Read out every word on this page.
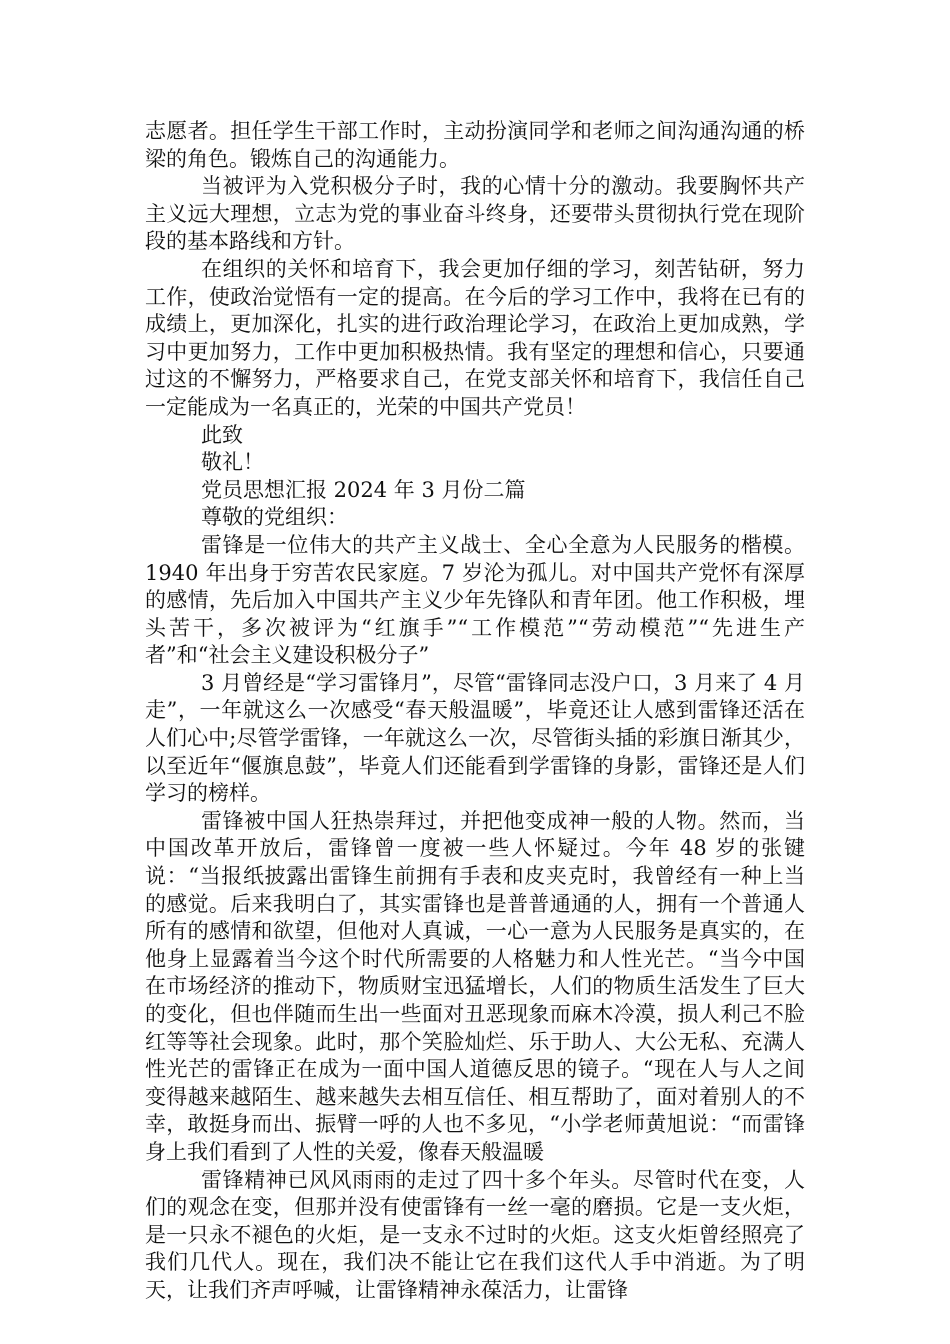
志愿者。担任学生干部工作时，主动扮演同学和老师之间沟通沟通的桥梁的角色。锻炼自己的沟通能力。

当被评为入党积极分子时，我的心情十分的激动。我要胸怀共产主义远大理想，立志为党的事业奋斗终身，还要带头贯彻执行党在现阶段的基本路线和方针。

在组织的关怀和培育下，我会更加仔细的学习，刻苦钻研，努力工作，使政治觉悟有一定的提高。在今后的学习工作中，我将在已有的成绩上，更加深化，扎实的进行政治理论学习，在政治上更加成熟，学习中更加努力，工作中更加积极热情。我有坚定的理想和信心，只要通过这的不懈努力，严格要求自己，在党支部关怀和培育下，我信任自己一定能成为一名真正的，光荣的中国共产党员！

此致

敬礼！

党员思想汇报 2024 年 3 月份二篇

尊敬的党组织：

雷锋是一位伟大的共产主义战士、全心全意为人民服务的楷模。1940 年出身于穷苦农民家庭。7 岁沦为孤儿。对中国共产党怀有深厚的感情，先后加入中国共产主义少年先锋队和青年团。他工作积极，埋头苦干，多次被评为“红旗手”“工作模范”“劳动模范”“先进生产者”和“社会主义建设积极分子”

3 月曾经是“学习雷锋月”，尽管“雷锋同志没户口，3 月来了 4 月走”，一年就这么一次感受“春天般温暖”，毕竟还让人感到雷锋还活在人们心中;尽管学雷锋，一年就这么一次，尽管街头插的彩旗日渐其少，以至近年“偃旗息鼓”，毕竟人们还能看到学雷锋的身影，雷锋还是人们学习的榜样。

雷锋被中国人狂热崇拜过，并把他变成神一般的人物。然而，当中国改革开放后，雷锋曾一度被一些人怀疑过。今年 48 岁的张键说：“当报纸披露出雷锋生前拥有手表和皮夹克时，我曾经有一种上当的感觉。后来我明白了，其实雷锋也是普普通通的人，拥有一个普通人所有的感情和欲望，但他对人真诚，一心一意为人民服务是真实的，在他身上显露着当今这个时代所需要的人格魅力和人性光芒。“当今中国在市场经济的推动下，物质财宝迅猛增长，人们的物质生活发生了巨大的变化，但也伴随而生出一些面对丑恶现象而麻木冷漠，损人利己不脸红等等社会现象。此时，那个笑脸灿烂、乐于助人、大公无私、充满人性光芒的雷锋正在成为一面中国人道德反思的镜子。“现在人与人之间变得越来越陌生、越来越失去相互信任、相互帮助了，面对着别人的不幸，敢挺身而出、振臂一呼的人也不多见，“小学老师黄旭说：“而雷锋身上我们看到了人性的关爱，像春天般温暖

雷锋精神已风风雨雨的走过了四十多个年头。尽管时代在变，人们的观念在变，但那并没有使雷锋有一丝一毫的磨损。它是一支火炬，是一只永不褪色的火炬，是一支永不过时的火炬。这支火炬曾经照亮了我们几代人。现在，我们决不能让它在我们这代人手中消逝。为了明天，让我们齐声呼喊，让雷锋精神永葆活力，让雷锋
